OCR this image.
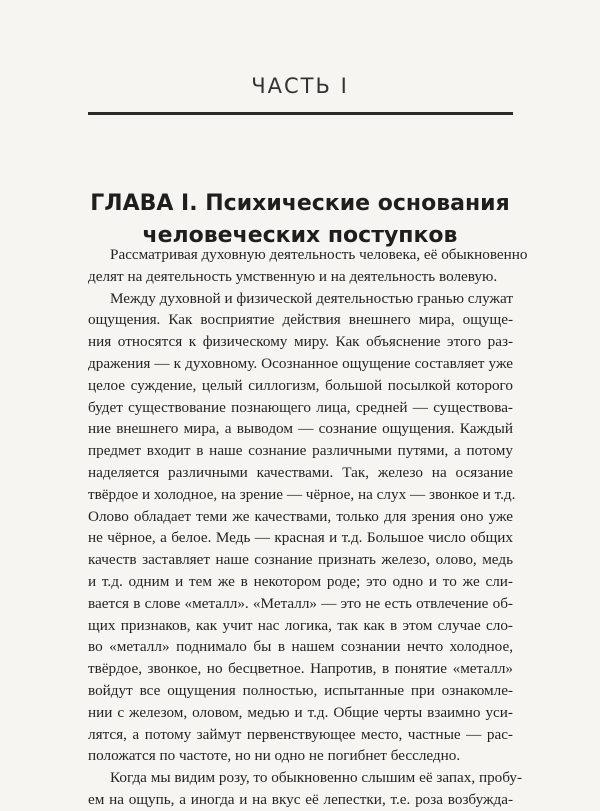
ЧАСТЬ I
ГЛАВА I. Психические основания
человеческих поступков
Рассматривая духовную деятельность человека, её обыкновенно
делят на деятельность умственную и на деятельность волевую.
Между духовной и физической деятельностью гранью служат
ощущения. Как восприятие действия внешнего мира, ощуще-
ния относятся к физическому миру. Как объяснение этого раз-
дражения — к духовному. Осознанное ощущение составляет уже
целое суждение, целый силлогизм, большой посылкой которого
будет существование познающего лица, средней — существова-
ние внешнего мира, а выводом — сознание ощущения. Каждый
предмет входит в наше сознание различными путями, а потому
наделяется различными качествами. Так, железо на осязание
твёрдое и холодное, на зрение — чёрное, на слух — звонкое и т.д.
Олово обладает теми же качествами, только для зрения оно уже
не чёрное, а белое. Медь — красная и т.д. Большое число общих
качеств заставляет наше сознание признать железо, олово, медь
и т.д. одним и тем же в некотором роде; это одно и то же сли-
вается в слове «металл». «Металл» — это не есть отвлечение об-
щих признаков, как учит нас логика, так как в этом случае сло-
во «металл» поднимало бы в нашем сознании нечто холодное,
твёрдое, звонкое, но бесцветное. Напротив, в понятие «металл»
войдут все ощущения полностью, испытанные при ознакомле-
нии с железом, оловом, медью и т.д. Общие черты взаимно уси-
лятся, а потому займут первенствующее место, частные — рас-
положатся по частоте, но ни одно не погибнет бесследно.
Когда мы видим розу, то обыкновенно слышим её запах, пробу-
ем на ощупь, а иногда и на вкус её лепестки, т.е. роза возбужда-
